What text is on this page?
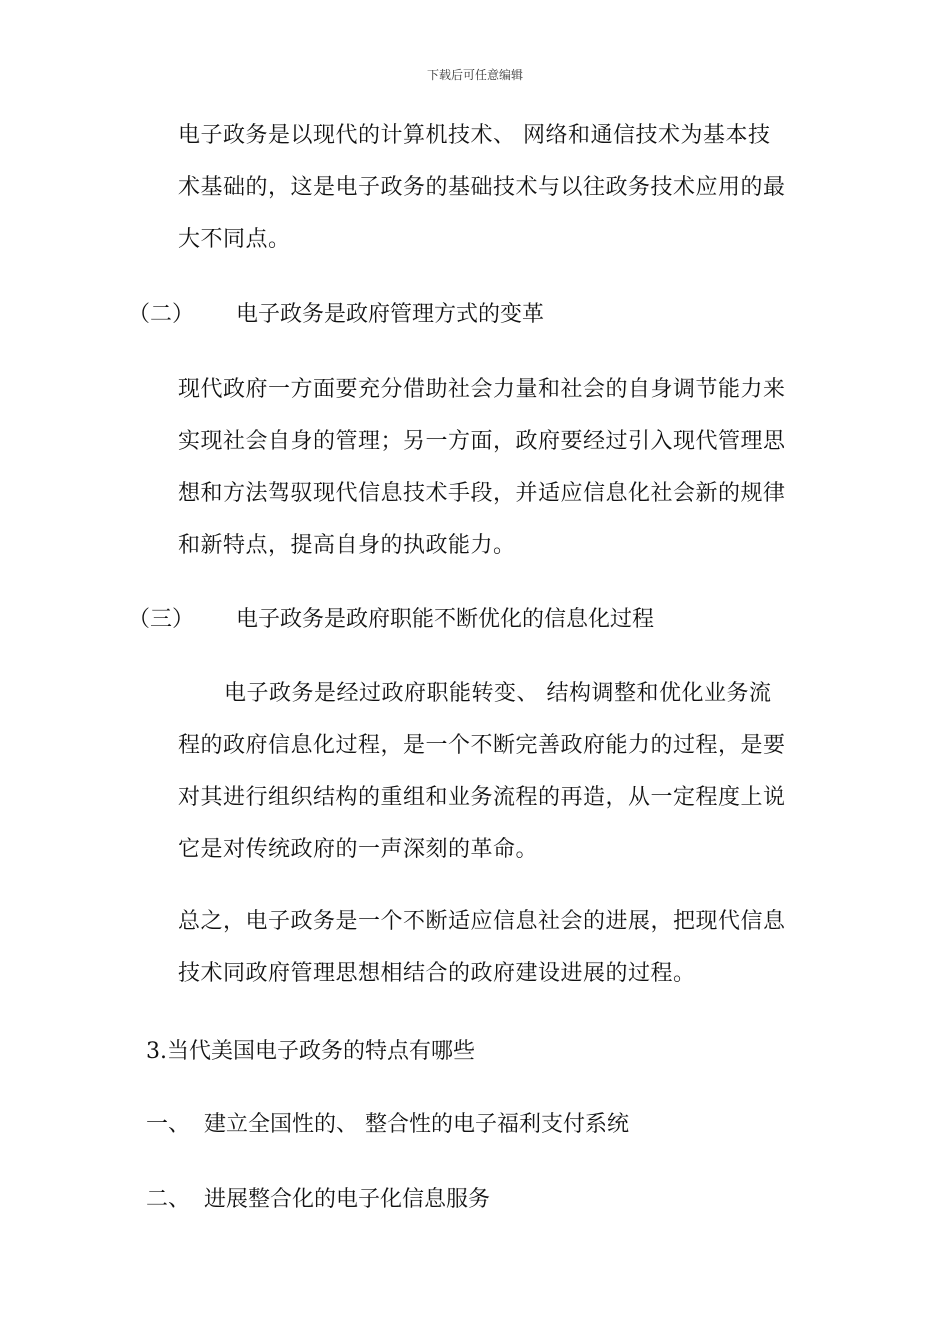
下载后可任意编辑
电子政务是以现代的计算机技术、 网络和通信技术为基本技
术基础的，这是电子政务的基础技术与以往政务技术应用的最
大不同点。
（二） 电子政务是政府管理方式的变革
现代政府一方面要充分借助社会力量和社会的自身调节能力来
实现社会自身的管理；另一方面，政府要经过引入现代管理思
想和方法驾驭现代信息技术手段，并适应信息化社会新的规律
和新特点，提高自身的执政能力。
（三） 电子政务是政府职能不断优化的信息化过程
电子政务是经过政府职能转变、 结构调整和优化业务流
程的政府信息化过程，是一个不断完善政府能力的过程，是要
对其进行组织结构的重组和业务流程的再造，从一定程度上说
它是对传统政府的一声深刻的革命。
总之，电子政务是一个不断适应信息社会的进展，把现代信息
技术同政府管理思想相结合的政府建设进展的过程。
3.当代美国电子政务的特点有哪些
一、 建立全国性的、 整合性的电子福利支付系统
二、 进展整合化的电子化信息服务
